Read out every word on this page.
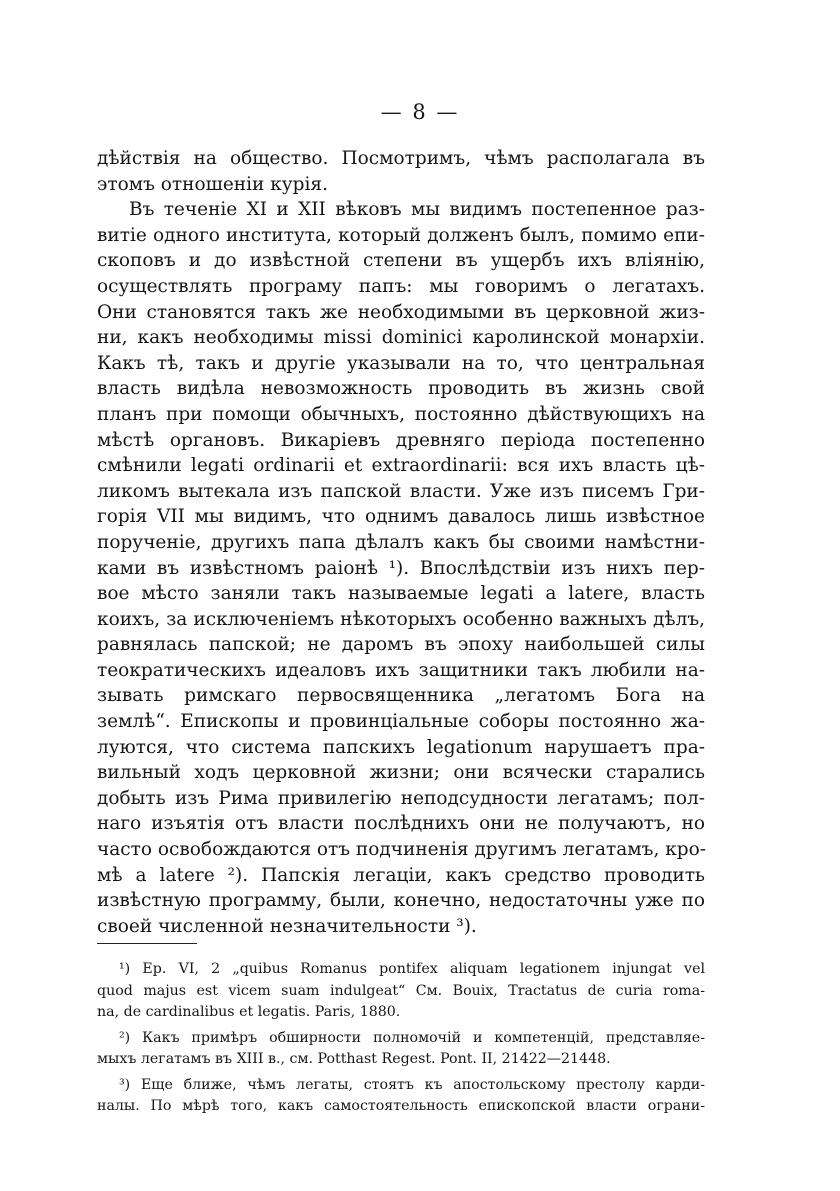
— 8 —
дѣйствія на общество. Посмотримъ, чѣмъ располагала въ
этомъ отношеніи курія.
Въ теченіе XI и XII вѣковъ мы видимъ постепенное раз-
витіе одного института, который долженъ былъ, помимо епи-
скоповъ и до извѣстной степени въ ущербъ ихъ вліянію,
осуществлять програму папъ: мы говоримъ о легатахъ.
Они становятся такъ же необходимыми въ церковной жиз-
ни, какъ необходимы missi dominici каролинской монархіи.
Какъ тѣ, такъ и другіе указывали на то, что центральная
власть видѣла невозможность проводить въ жизнь свой
планъ при помощи обычныхъ, постоянно дѣйствующихъ на
мѣстѣ органовъ. Викаріевъ древняго періода постепенно
смѣнили legati ordinarii et extraordinarii: вся ихъ власть цѣ-
ликомъ вытекала изъ папской власти. Уже изъ писемъ Гри-
горія VII мы видимъ, что однимъ давалось лишь извѣстное
порученіе, другихъ папа дѣлалъ какъ бы своими намѣстни-
ками въ извѣстномъ раіонѣ ¹). Впослѣдствіи изъ нихъ пер-
вое мѣсто заняли такъ называемые legati a latere, власть
коихъ, за исключеніемъ нѣкоторыхъ особенно важныхъ дѣлъ,
равнялась папской; не даромъ въ эпоху наибольшей силы
теократическихъ идеаловъ ихъ защитники такъ любили на-
зывать римскаго первосвященника „легатомъ Бога на
землѣ“. Епископы и провинціальные соборы постоянно жа-
луются, что система папскихъ legationum нарушаетъ пра-
вильный ходъ церковной жизни; они всячески старались
добыть изъ Рима привилегію неподсудности легатамъ; пол-
наго изъятія отъ власти послѣднихъ они не получаютъ, но
часто освобождаются отъ подчиненія другимъ легатамъ, кро-
мѣ a latere ²). Папскія легаціи, какъ средство проводить
извѣстную программу, были, конечно, недостаточны уже по
своей численной незначительности ³).
¹) Ep. VI, 2 „quibus Romanus pontifex aliquam legationem injungat vel
quod majus est vicem suam indulgeat“ См. Bouix, Tractatus de curia roma-
na, de cardinalibus et legatis. Paris, 1880.
²) Какъ примѣръ обширности полномочій и компетенцій, представляе-
мыхъ легатамъ въ XIII в., см. Potthast Regest. Pont. II, 21422—21448.
³) Еще ближе, чѣмъ легаты, стоятъ къ апостольскому престолу карди-
налы. По мѣрѣ того, какъ самостоятельность епископской власти ограни-
